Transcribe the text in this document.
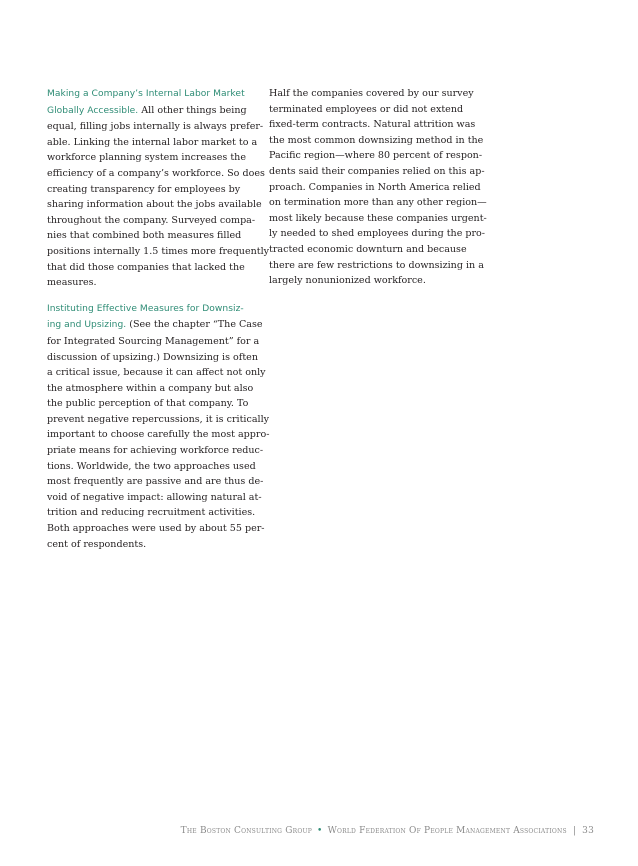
Making a Company’s Internal Labor Market
Globally Accessible. All other things being
equal, filling jobs internally is always prefer-
able. Linking the internal labor market to a
workforce planning system increases the
efficiency of a company’s workforce. So does
creating transparency for employees by
sharing information about the jobs available
throughout the company. Surveyed compa-
nies that combined both measures filled
positions internally 1.5 times more frequently
that did those companies that lacked the
measures.

Instituting Effective Measures for Downsiz-
ing and Upsizing. (See the chapter “The Case
for Integrated Sourcing Management” for a
discussion of upsizing.) Downsizing is often
a critical issue, because it can affect not only
the atmosphere within a company but also
the public perception of that company. To
prevent negative repercussions, it is critically
important to choose carefully the most appro-
priate means for achieving workforce reduc-
tions. Worldwide, the two approaches used
most frequently are passive and are thus de-
void of negative impact: allowing natural at-
trition and reducing recruitment activities.
Both approaches were used by about 55 per-
cent of respondents.

Half the companies covered by our survey
terminated employees or did not extend
fixed-term contracts. Natural attrition was
the most common downsizing method in the
Pacific region—where 80 percent of respon-
dents said their companies relied on this ap-
proach. Companies in North America relied
on termination more than any other region—
most likely because these companies urgent-
ly needed to shed employees during the pro-
tracted economic downturn and because
there are few restrictions to downsizing in a
largely nonunionized workforce.

The Boston Consulting Group • World Federation Of People Management Associations | 33
